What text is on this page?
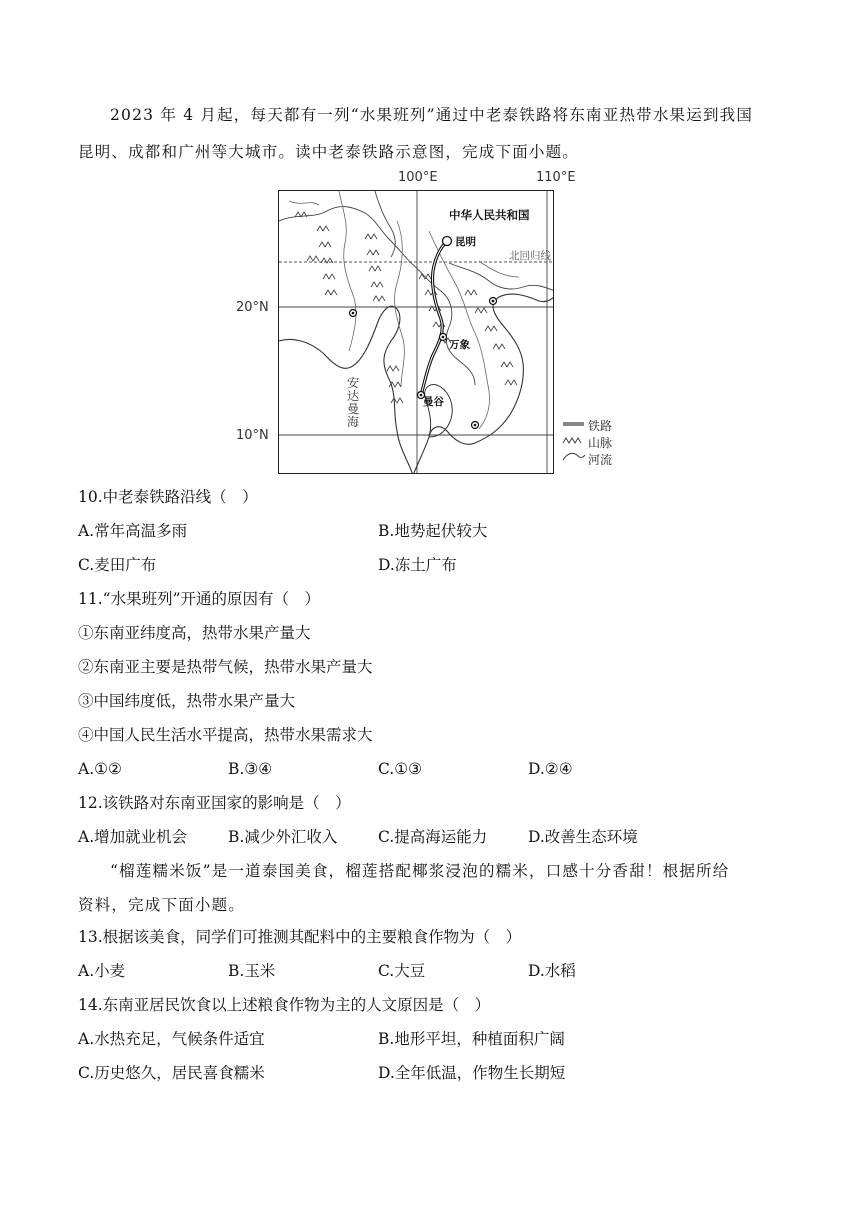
2023 年 4 月起，每天都有一列“水果班列”通过中老泰铁路将东南亚热带水果运到我国
昆明、成都和广州等大城市。读中老泰铁路示意图，完成下面小题。
100°E	110°E
20°N
10°N
中华人民共和国
昆明
北回归线
万象
曼谷
安
达
曼
海	铁路
山脉
河流
10.中老泰铁路沿线（　）
A.常年高温多雨	B.地势起伏较大
C.麦田广布	D.冻土广布
11.“水果班列”开通的原因有（　）
①东南亚纬度高，热带水果产量大
②东南亚主要是热带气候，热带水果产量大
③中国纬度低，热带水果产量大
④中国人民生活水平提高，热带水果需求大
A.①②	B.③④	C.①③	D.②④
12.该铁路对东南亚国家的影响是（　）
A.增加就业机会	B.减少外汇收入	C.提高海运能力	D.改善生态环境
“榴莲糯米饭”是一道泰国美食，榴莲搭配椰浆浸泡的糯米，口感十分香甜！根据所给
资料，完成下面小题。
13.根据该美食，同学们可推测其配料中的主要粮食作物为（　）
A.小麦	B.玉米	C.大豆	D.水稻
14.东南亚居民饮食以上述粮食作物为主的人文原因是（　）
A.水热充足，气候条件适宜	B.地形平坦，种植面积广阔
C.历史悠久，居民喜食糯米	D.全年低温，作物生长期短
